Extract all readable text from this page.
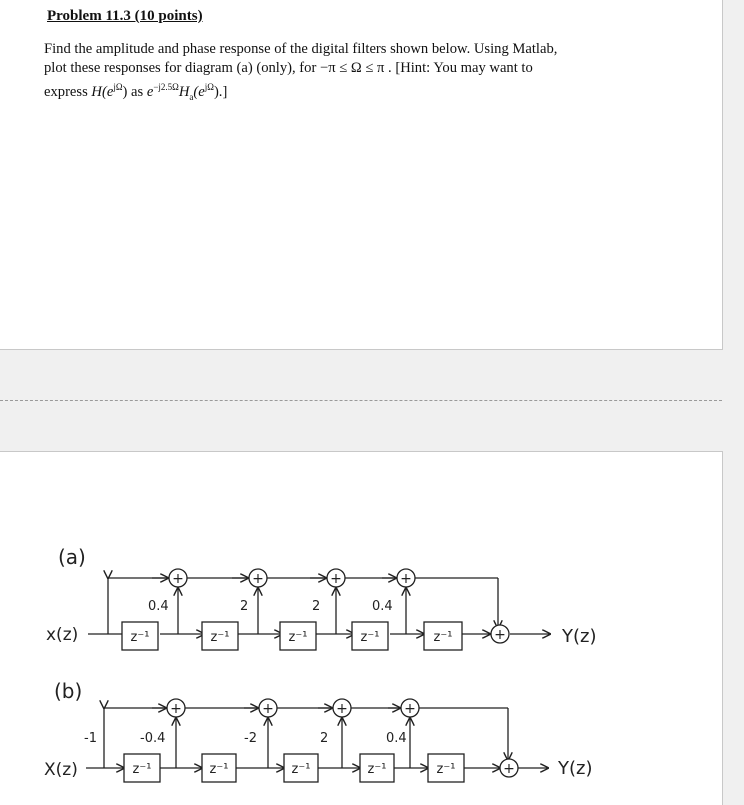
Problem 11.3 (10 points)
Find the amplitude and phase response of the digital filters shown below. Using Matlab,
plot these responses for diagram (a) (only), for −π ≤ Ω ≤ π . [Hint: You may want to
express $H(e^{j\Omega})$ as $e^{-j2.5\Omega}H_a(e^{j\Omega})$.]
+	+	+	+
+
z⁻¹	z⁻¹	z⁻¹	z⁻¹	z⁻¹
(a)
x(z)	Y(z)
0.4	2	2	0.4
+	+	+	+
+
z⁻¹	z⁻¹	z⁻¹	z⁻¹	z⁻¹
(b)
X(z)	Y(z)
-1	-0.4	-2	2	0.4
